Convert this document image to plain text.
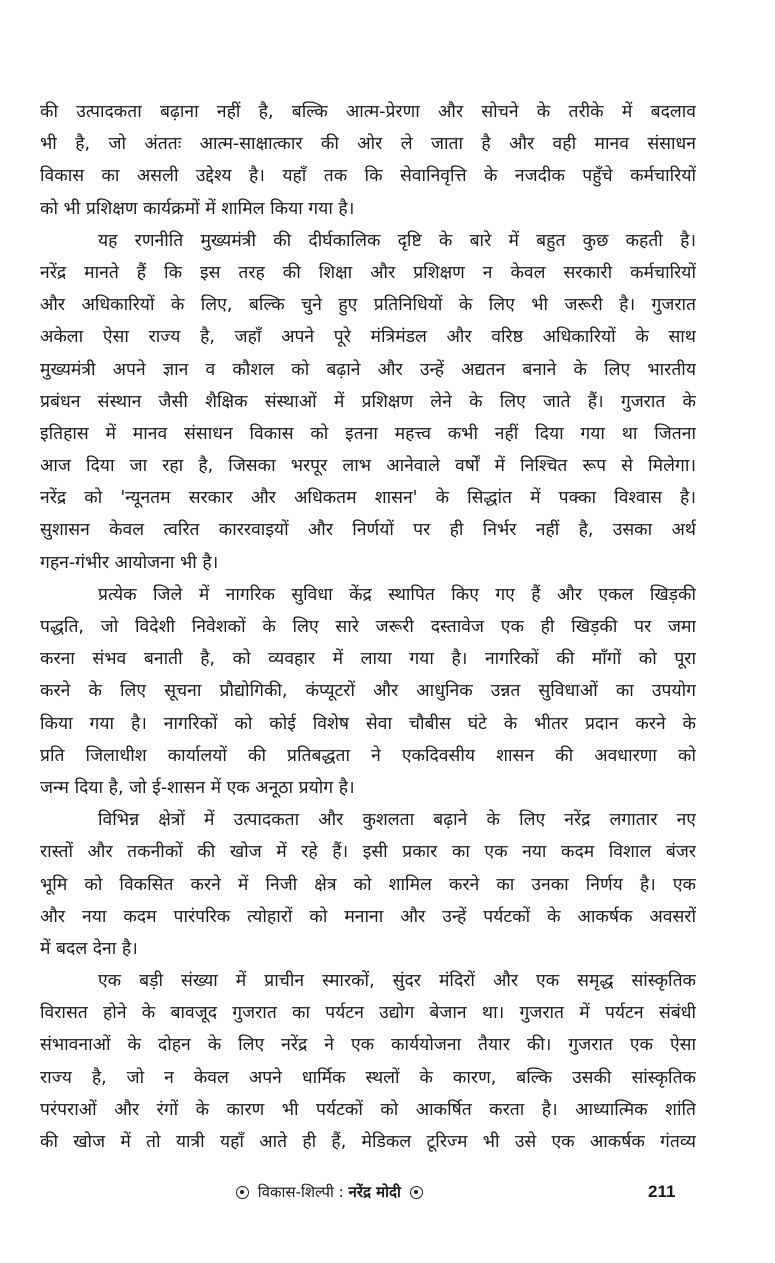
की उत्पादकता बढ़ाना नहीं है, बल्कि आत्म-प्रेरणा और सोचने के तरीके में बदलाव
भी है, जो अंततः आत्म-साक्षात्कार की ओर ले जाता है और वही मानव संसाधन
विकास का असली उद्देश्य है। यहाँ तक कि सेवानिवृत्ति के नजदीक पहुँचे कर्मचारियों
को भी प्रशिक्षण कार्यक्रमों में शामिल किया गया है।
यह रणनीति मुख्यमंत्री की दीर्घकालिक दृष्टि के बारे में बहुत कुछ कहती है।
नरेंद्र मानते हैं कि इस तरह की शिक्षा और प्रशिक्षण न केवल सरकारी कर्मचारियों
और अधिकारियों के लिए, बल्कि चुने हुए प्रतिनिधियों के लिए भी जरूरी है। गुजरात
अकेला ऐसा राज्य है, जहाँ अपने पूरे मंत्रिमंडल और वरिष्ठ अधिकारियों के साथ
मुख्यमंत्री अपने ज्ञान व कौशल को बढ़ाने और उन्हें अद्यतन बनाने के लिए भारतीय
प्रबंधन संस्थान जैसी शैक्षिक संस्थाओं में प्रशिक्षण लेने के लिए जाते हैं। गुजरात के
इतिहास में मानव संसाधन विकास को इतना महत्त्व कभी नहीं दिया गया था जितना
आज दिया जा रहा है, जिसका भरपूर लाभ आनेवाले वर्षों में निश्चित रूप से मिलेगा।
नरेंद्र को 'न्यूनतम सरकार और अधिकतम शासन' के सिद्धांत में पक्का विश्वास है।
सुशासन केवल त्वरित काररवाइयों और निर्णयों पर ही निर्भर नहीं है, उसका अर्थ
गहन-गंभीर आयोजना भी है।
प्रत्येक जिले में नागरिक सुविधा केंद्र स्थापित किए गए हैं और एकल खिड़की
पद्धति, जो विदेशी निवेशकों के लिए सारे जरूरी दस्तावेज एक ही खिड़की पर जमा
करना संभव बनाती है, को व्यवहार में लाया गया है। नागरिकों की माँगों को पूरा
करने के लिए सूचना प्रौद्योगिकी, कंप्यूटरों और आधुनिक उन्नत सुविधाओं का उपयोग
किया गया है। नागरिकों को कोई विशेष सेवा चौबीस घंटे के भीतर प्रदान करने के
प्रति जिलाधीश कार्यालयों की प्रतिबद्धता ने एकदिवसीय शासन की अवधारणा को
जन्म दिया है, जो ई-शासन में एक अनूठा प्रयोग है।
विभिन्न क्षेत्रों में उत्पादकता और कुशलता बढ़ाने के लिए नरेंद्र लगातार नए
रास्तों और तकनीकों की खोज में रहे हैं। इसी प्रकार का एक नया कदम विशाल बंजर
भूमि को विकसित करने में निजी क्षेत्र को शामिल करने का उनका निर्णय है। एक
और नया कदम पारंपरिक त्योहारों को मनाना और उन्हें पर्यटकों के आकर्षक अवसरों
में बदल देना है।
एक बड़ी संख्या में प्राचीन स्मारकों, सुंदर मंदिरों और एक समृद्ध सांस्कृतिक
विरासत होने के बावजूद गुजरात का पर्यटन उद्योग बेजान था। गुजरात में पर्यटन संबंधी
संभावनाओं के दोहन के लिए नरेंद्र ने एक कार्ययोजना तैयार की। गुजरात एक ऐसा
राज्य है, जो न केवल अपने धार्मिक स्थलों के कारण, बल्कि उसकी सांस्कृतिक
परंपराओं और रंगों के कारण भी पर्यटकों को आकर्षित करता है। आध्यात्मिक शांति
की खोज में तो यात्री यहाँ आते ही हैं, मेडिकल टूरिज्म भी उसे एक आकर्षक गंतव्य
विकास-शिल्पी : नरेंद्र मोदी	211
